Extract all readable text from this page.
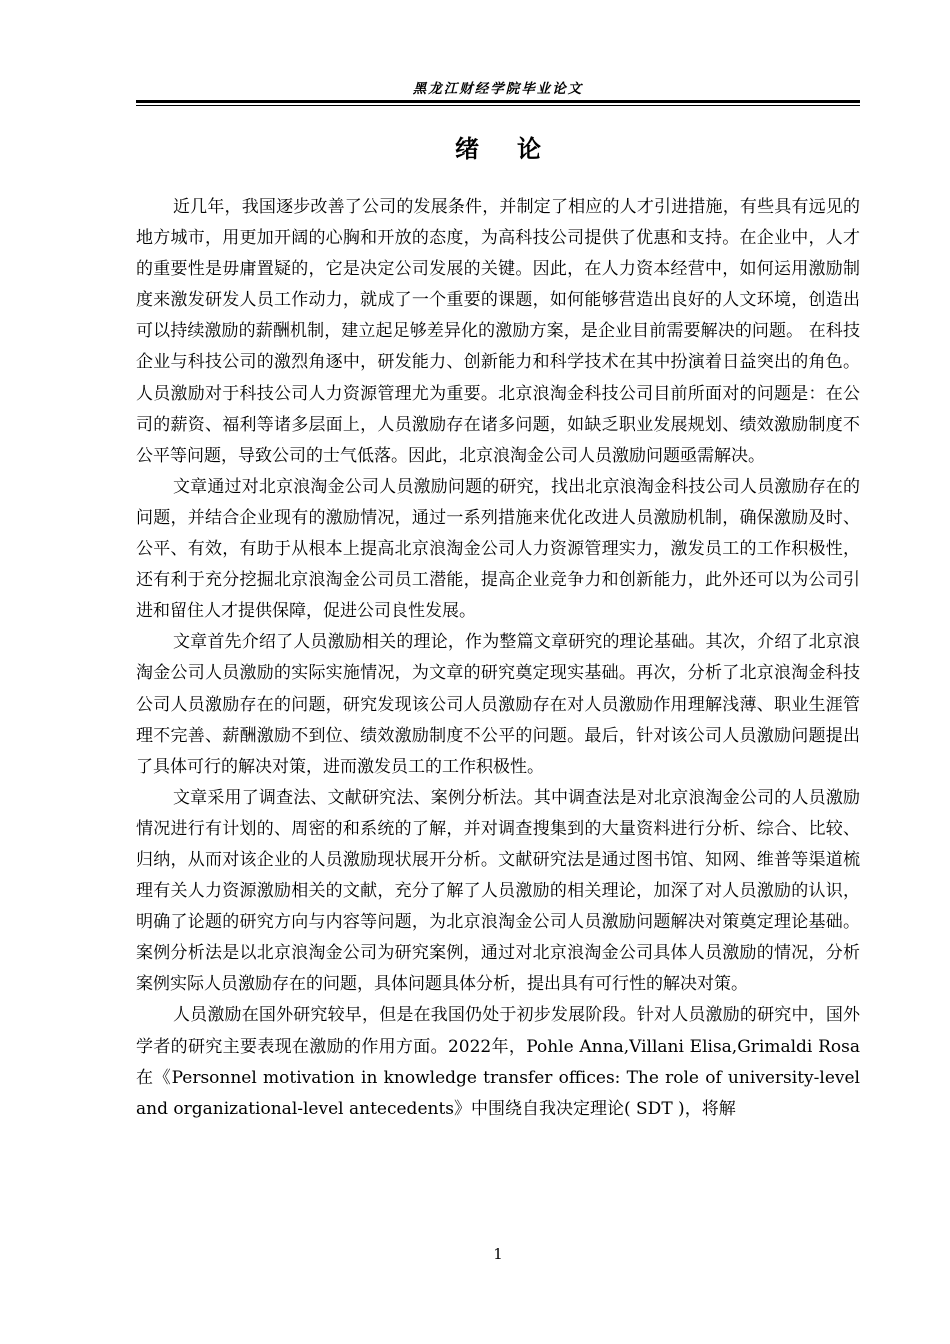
黑龙江财经学院毕业论文
绪论

近几年，我国逐步改善了公司的发展条件，并制定了相应的人才引进措施，有些具有远见的地方城市，用更加开阔的心胸和开放的态度，为高科技公司提供了优惠和支持。在企业中，人才的重要性是毋庸置疑的，它是决定公司发展的关键。因此，在人力资本经营中，如何运用激励制度来激发研发人员工作动力，就成了一个重要的课题，如何能够营造出良好的人文环境，创造出可以持续激励的薪酬机制，建立起足够差异化的激励方案，是企业目前需要解决的问题。 在科技企业与科技公司的激烈角逐中，研发能力、创新能力和科学技术在其中扮演着日益突出的角色。人员激励对于科技公司人力资源管理尤为重要。北京浪淘金科技公司目前所面对的问题是：在公司的薪资、福利等诸多层面上，人员激励存在诸多问题，如缺乏职业发展规划、绩效激励制度不公平等问题，导致公司的士气低落。因此，北京浪淘金公司人员激励问题亟需解决。

文章通过对北京浪淘金公司人员激励问题的研究，找出北京浪淘金科技公司人员激励存在的问题，并结合企业现有的激励情况，通过一系列措施来优化改进人员激励机制，确保激励及时、公平、有效，有助于从根本上提高北京浪淘金公司人力资源管理实力，激发员工的工作积极性，还有利于充分挖掘北京浪淘金公司员工潜能，提高企业竞争力和创新能力，此外还可以为公司引进和留住人才提供保障，促进公司良性发展。

文章首先介绍了人员激励相关的理论，作为整篇文章研究的理论基础。其次，介绍了北京浪淘金公司人员激励的实际实施情况，为文章的研究奠定现实基础。再次，分析了北京浪淘金科技公司人员激励存在的问题，研究发现该公司人员激励存在对人员激励作用理解浅薄、职业生涯管理不完善、薪酬激励不到位、绩效激励制度不公平的问题。最后，针对该公司人员激励问题提出了具体可行的解决对策，进而激发员工的工作积极性。

文章采用了调查法、文献研究法、案例分析法。其中调查法是对北京浪淘金公司的人员激励情况进行有计划的、周密的和系统的了解，并对调查搜集到的大量资料进行分析、综合、比较、归纳，从而对该企业的人员激励现状展开分析。文献研究法是通过图书馆、知网、维普等渠道梳理有关人力资源激励相关的文献，充分了解了人员激励的相关理论，加深了对人员激励的认识，明确了论题的研究方向与内容等问题，为北京浪淘金公司人员激励问题解决对策奠定理论基础。案例分析法是以北京浪淘金公司为研究案例，通过对北京浪淘金公司具体人员激励的情况，分析案例实际人员激励存在的问题，具体问题具体分析，提出具有可行性的解决对策。

人员激励在国外研究较早，但是在我国仍处于初步发展阶段。针对人员激励的研究中，国外学者的研究主要表现在激励的作用方面。2022年，Pohle Anna,Villani Elisa,Grimaldi Rosa在《Personnel motivation in knowledge transfer offices: The role of university-level and organizational-level antecedents》中围绕自我决定理论( SDT )，将解

1
